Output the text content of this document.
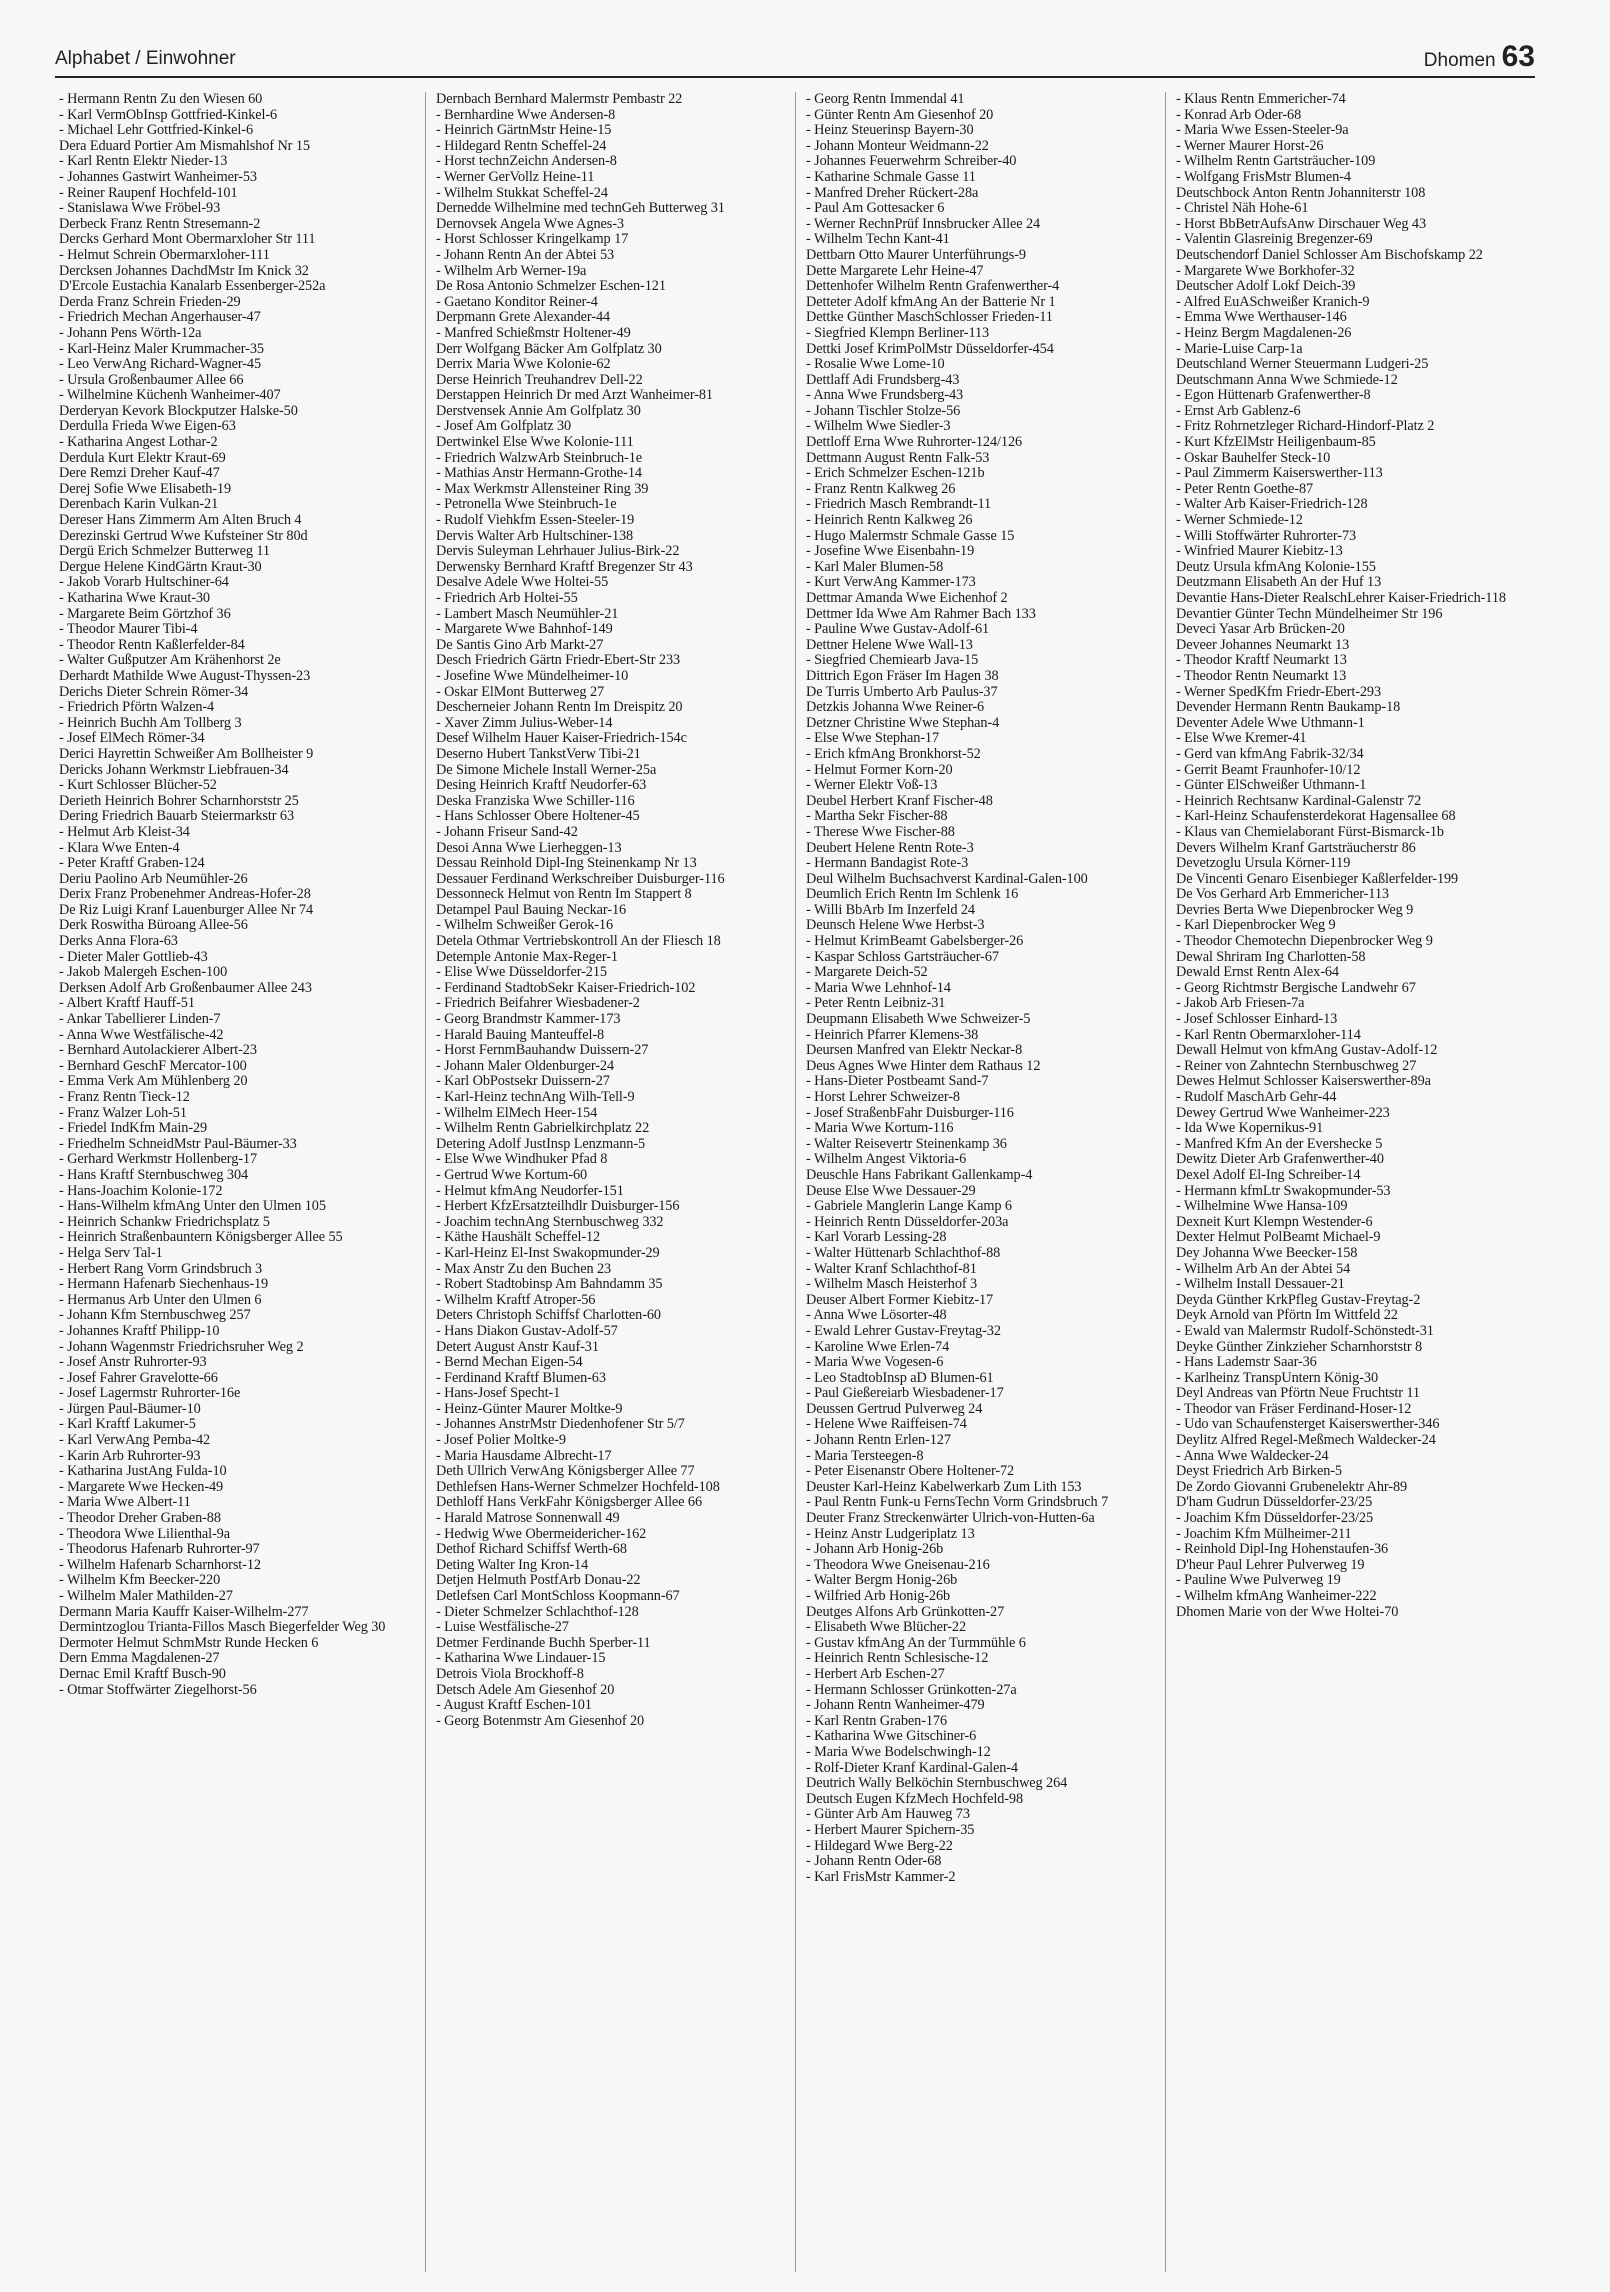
Alphabet / Einwohner	Dhomen 63
- Hermann Rentn Zu den Wiesen 60
- Karl VermObInsp Gottfried-Kinkel-6
- Michael Lehr Gottfried-Kinkel-6
Dera Eduard Portier Am Mismahlshof Nr 15
- Karl Rentn Elektr Nieder-13
- Johannes Gastwirt Wanheimer-53
- Reiner Raupenf Hochfeld-101
- Stanislawa Wwe Fröbel-93
Derbeck Franz Rentn Stresemann-2
Dercks Gerhard Mont Obermarxloher Str 111
- Helmut Schrein Obermarxloher-111
Dercksen Johannes DachdMstr Im Knick 32
D'Ercole Eustachia Kanalarb Essenberger-252a
Derda Franz Schrein Frieden-29
- Friedrich Mechan Angerhauser-47
- Johann Pens Wörth-12a
- Karl-Heinz Maler Krummacher-35
- Leo VerwAng Richard-Wagner-45
- Ursula Großenbaumer Allee 66
- Wilhelmine Küchenh Wanheimer-407
Derderyan Kevork Blockputzer Halske-50
Derdulla Frieda Wwe Eigen-63
- Katharina Angest Lothar-2
Derdula Kurt Elektr Kraut-69
Dere Remzi Dreher Kauf-47
Derej Sofie Wwe Elisabeth-19
Derenbach Karin Vulkan-21
Dereser Hans Zimmerm Am Alten Bruch 4
Derezinski Gertrud Wwe Kufsteiner Str 80d
Dergü Erich Schmelzer Butterweg 11
Dergue Helene KindGärtn Kraut-30
- Jakob Vorarb Hultschiner-64
- Katharina Wwe Kraut-30
- Margarete Beim Görtzhof 36
- Theodor Maurer Tibi-4
- Theodor Rentn Kaßlerfelder-84
- Walter Gußputzer Am Krähenhorst 2e
Derhardt Mathilde Wwe August-Thyssen-23
Derichs Dieter Schrein Römer-34
- Friedrich Pförtn Walzen-4
- Heinrich Buchh Am Tollberg 3
- Josef ElMech Römer-34
Derici Hayrettin Schweißer Am Bollheister 9
Dericks Johann Werkmstr Liebfrauen-34
- Kurt Schlosser Blücher-52
Derieth Heinrich Bohrer Scharnhorststr 25
Dering Friedrich Bauarb Steiermarkstr 63
- Helmut Arb Kleist-34
- Klara Wwe Enten-4
- Peter Kraftf Graben-124
Deriu Paolino Arb Neumühler-26
Derix Franz Probenehmer Andreas-Hofer-28
De Riz Luigi Kranf Lauenburger Allee Nr 74
Derk Roswitha Büroang Allee-56
Derks Anna Flora-63
- Dieter Maler Gottlieb-43
- Jakob Malergeh Eschen-100
Derksen Adolf Arb Großenbaumer Allee 243
- Albert Kraftf Hauff-51
- Ankar Tabellierer Linden-7
- Anna Wwe Westfälische-42
- Bernhard Autolackierer Albert-23
- Bernhard GeschF Mercator-100
- Emma Verk Am Mühlenberg 20
- Franz Rentn Tieck-12
- Franz Walzer Loh-51
- Friedel IndKfm Main-29
- Friedhelm SchneidMstr Paul-Bäumer-33
- Gerhard Werkmstr Hollenberg-17
- Hans Kraftf Sternbuschweg 304
- Hans-Joachim Kolonie-172
- Hans-Wilhelm kfmAng Unter den Ulmen 105
- Heinrich Schankw Friedrichsplatz 5
- Heinrich Straßenbauntern Königsberger Allee 55
- Helga Serv Tal-1
- Herbert Rang Vorm Grindsbruch 3
- Hermann Hafenarb Siechenhaus-19
- Hermanus Arb Unter den Ulmen 6
- Johann Kfm Sternbuschweg 257
- Johannes Kraftf Philipp-10
- Johann Wagenmstr Friedrichsruher Weg 2
- Josef Anstr Ruhrorter-93
- Josef Fahrer Gravelotte-66
- Josef Lagermstr Ruhrorter-16e
- Jürgen Paul-Bäumer-10
- Karl Kraftf Lakumer-5
- Karl VerwAng Pemba-42
- Karin Arb Ruhrorter-93
- Katharina JustAng Fulda-10
- Margarete Wwe Hecken-49
- Maria Wwe Albert-11
- Theodor Dreher Graben-88
- Theodora Wwe Lilienthal-9a
- Theodorus Hafenarb Ruhrorter-97
- Wilhelm Hafenarb Scharnhorst-12
- Wilhelm Kfm Beecker-220
- Wilhelm Maler Mathilden-27
Dermann Maria Kauffr Kaiser-Wilhelm-277
Dermintzoglou Trianta-Fillos Masch Biegerfelder Weg 30
Dermoter Helmut SchmMstr Runde Hecken 6
Dern Emma Magdalenen-27
Dernac Emil Kraftf Busch-90
- Otmar Stoffwärter Ziegelhorst-56
Dernbach Bernhard Malermstr Pembastr 22
- Bernhardine Wwe Andersen-8
- Heinrich GärtnMstr Heine-15
- Hildegard Rentn Scheffel-24
- Horst technZeichn Andersen-8
- Werner GerVollz Heine-11
- Wilhelm Stukkat Scheffel-24
Dernedde Wilhelmine med technGeh Butterweg 31
Dernovsek Angela Wwe Agnes-3
- Horst Schlosser Kringelkamp 17
- Johann Rentn An der Abtei 53
- Wilhelm Arb Werner-19a
De Rosa Antonio Schmelzer Eschen-121
- Gaetano Konditor Reiner-4
Derpmann Grete Alexander-44
- Manfred Schießmstr Holtener-49
Derr Wolfgang Bäcker Am Golfplatz 30
Derrix Maria Wwe Kolonie-62
Derse Heinrich Treuhandrev Dell-22
Derstappen Heinrich Dr med Arzt Wanheimer-81
Derstvensek Annie Am Golfplatz 30
- Josef Am Golfplatz 30
Dertwinkel Else Wwe Kolonie-111
- Friedrich WalzwArb Steinbruch-1e
- Mathias Anstr Hermann-Grothe-14
- Max Werkmstr Allensteiner Ring 39
- Petronella Wwe Steinbruch-1e
- Rudolf Viehkfm Essen-Steeler-19
Dervis Walter Arb Hultschiner-138
Dervis Suleyman Lehrhauer Julius-Birk-22
Derwensky Bernhard Kraftf Bregenzer Str 43
Desalve Adele Wwe Holtei-55
- Friedrich Arb Holtei-55
- Lambert Masch Neumühler-21
- Margarete Wwe Bahnhof-149
De Santis Gino Arb Markt-27
Desch Friedrich Gärtn Friedr-Ebert-Str 233
- Josefine Wwe Mündelheimer-10
- Oskar ElMont Butterweg 27
Descherneier Johann Rentn Im Dreispitz 20
- Xaver Zimm Julius-Weber-14
Desef Wilhelm Hauer Kaiser-Friedrich-154c
Deserno Hubert TankstVerw Tibi-21
De Simone Michele Install Werner-25a
Desing Heinrich Kraftf Neudorfer-63
Deska Franziska Wwe Schiller-116
- Hans Schlosser Obere Holtener-45
- Johann Friseur Sand-42
Desoi Anna Wwe Lierheggen-13
Dessau Reinhold Dipl-Ing Steinenkamp Nr 13
Dessauer Ferdinand Werkschreiber Duisburger-116
Dessonneck Helmut von Rentn Im Stappert 8
Detampel Paul Bauing Neckar-16
- Wilhelm Schweißer Gerok-16
Detela Othmar Vertriebskontroll An der Fliesch 18
Detemple Antonie Max-Reger-1
- Elise Wwe Düsseldorfer-215
- Ferdinand StadtobSekr Kaiser-Friedrich-102
- Friedrich Beifahrer Wiesbadener-2
- Georg Brandmstr Kammer-173
- Harald Bauing Manteuffel-8
- Horst FernmBauhandw Duissern-27
- Johann Maler Oldenburger-24
- Karl ObPostsekr Duissern-27
- Karl-Heinz technAng Wilh-Tell-9
- Wilhelm ElMech Heer-154
- Wilhelm Rentn Gabrielkirchplatz 22
Detering Adolf JustInsp Lenzmann-5
- Else Wwe Windhuker Pfad 8
- Gertrud Wwe Kortum-60
- Helmut kfmAng Neudorfer-151
- Herbert KfzErsatzteilhdlr Duisburger-156
- Joachim technAng Sternbuschweg 332
- Käthe Haushält Scheffel-12
- Karl-Heinz El-Inst Swakopmunder-29
- Max Anstr Zu den Buchen 23
- Robert Stadtobinsp Am Bahndamm 35
- Wilhelm Kraftf Atroper-56
Deters Christoph Schiffsf Charlotten-60
- Hans Diakon Gustav-Adolf-57
Detert August Anstr Kauf-31
- Bernd Mechan Eigen-54
- Ferdinand Kraftf Blumen-63
- Hans-Josef Specht-1
- Heinz-Günter Maurer Moltke-9
- Johannes AnstrMstr Diedenhofener Str 5/7
- Josef Polier Moltke-9
- Maria Hausdame Albrecht-17
Deth Ullrich VerwAng Königsberger Allee 77
Dethlefsen Hans-Werner Schmelzer Hochfeld-108
Dethloff Hans VerkFahr Königsberger Allee 66
- Harald Matrose Sonnenwall 49
- Hedwig Wwe Obermeidericher-162
Dethof Richard Schiffsf Werth-68
Deting Walter Ing Kron-14
Detjen Helmuth PostfArb Donau-22
Detlefsen Carl MontSchloss Koopmann-67
- Dieter Schmelzer Schlachthof-128
- Luise Westfälische-27
Detmer Ferdinande Buchh Sperber-11
- Katharina Wwe Lindauer-15
Detrois Viola Brockhoff-8
Detsch Adele Am Giesenhof 20
- August Kraftf Eschen-101
- Georg Botenmstr Am Giesenhof 20
- Georg Rentn Immendal 41
- Günter Rentn Am Giesenhof 20
- Heinz Steuerinsp Bayern-30
- Johann Monteur Weidmann-22
- Johannes Feuerwehrm Schreiber-40
- Katharine Schmale Gasse 11
- Manfred Dreher Rückert-28a
- Paul Am Gottesacker 6
- Werner RechnPrüf Innsbrucker Allee 24
- Wilhelm Techn Kant-41
Dettbarn Otto Maurer Unterführungs-9
Dette Margarete Lehr Heine-47
Dettenhofer Wilhelm Rentn Grafenwerther-4
Detteter Adolf kfmAng An der Batterie Nr 1
Dettke Günther MaschSchlosser Frieden-11
- Siegfried Klempn Berliner-113
Dettki Josef KrimPolMstr Düsseldorfer-454
- Rosalie Wwe Lome-10
Dettlaff Adi Frundsberg-43
- Anna Wwe Frundsberg-43
- Johann Tischler Stolze-56
- Wilhelm Wwe Siedler-3
Dettloff Erna Wwe Ruhrorter-124/126
Dettmann August Rentn Falk-53
- Erich Schmelzer Eschen-121b
- Franz Rentn Kalkweg 26
- Friedrich Masch Rembrandt-11
- Heinrich Rentn Kalkweg 26
- Hugo Malermstr Schmale Gasse 15
- Josefine Wwe Eisenbahn-19
- Karl Maler Blumen-58
- Kurt VerwAng Kammer-173
Dettmar Amanda Wwe Eichenhof 2
Dettmer Ida Wwe Am Rahmer Bach 133
- Pauline Wwe Gustav-Adolf-61
Dettner Helene Wwe Wall-13
- Siegfried Chemiearb Java-15
Dittrich Egon Fräser Im Hagen 38
De Turris Umberto Arb Paulus-37
Detzkis Johanna Wwe Reiner-6
Detzner Christine Wwe Stephan-4
- Else Wwe Stephan-17
- Erich kfmAng Bronkhorst-52
- Helmut Former Korn-20
- Werner Elektr Voß-13
Deubel Herbert Kranf Fischer-48
- Martha Sekr Fischer-88
- Therese Wwe Fischer-88
Deubert Helene Rentn Rote-3
- Hermann Bandagist Rote-3
Deul Wilhelm Buchsachverst Kardinal-Galen-100
Deumlich Erich Rentn Im Schlenk 16
- Willi BbArb Im Inzerfeld 24
Deunsch Helene Wwe Herbst-3
- Helmut KrimBeamt Gabelsberger-26
- Kaspar Schloss Gartsträucher-67
- Margarete Deich-52
- Maria Wwe Lehnhof-14
- Peter Rentn Leibniz-31
Deupmann Elisabeth Wwe Schweizer-5
- Heinrich Pfarrer Klemens-38
Deursen Manfred van Elektr Neckar-8
Deus Agnes Wwe Hinter dem Rathaus 12
- Hans-Dieter Postbeamt Sand-7
- Horst Lehrer Schweizer-8
- Josef StraßenbFahr Duisburger-116
- Maria Wwe Kortum-116
- Walter Reisevertr Steinenkamp 36
- Wilhelm Angest Viktoria-6
Deuschle Hans Fabrikant Gallenkamp-4
Deuse Else Wwe Dessauer-29
- Gabriele Manglerin Lange Kamp 6
- Heinrich Rentn Düsseldorfer-203a
- Karl Vorarb Lessing-28
- Walter Hüttenarb Schlachthof-88
- Walter Kranf Schlachthof-81
- Wilhelm Masch Heisterhof 3
Deuser Albert Former Kiebitz-17
- Anna Wwe Lösorter-48
- Ewald Lehrer Gustav-Freytag-32
- Karoline Wwe Erlen-74
- Maria Wwe Vogesen-6
- Leo StadtobInsp aD Blumen-61
- Paul Gießereiarb Wiesbadener-17
Deussen Gertrud Pulverweg 24
- Helene Wwe Raiffeisen-74
- Johann Rentn Erlen-127
- Maria Tersteegen-8
- Peter Eisenanstr Obere Holtener-72
Deuster Karl-Heinz Kabelwerkarb Zum Lith 153
- Paul Rentn Funk-u FernsTechn Vorm Grindsbruch 7
Deuter Franz Streckenwärter Ulrich-von-Hutten-6a
- Heinz Anstr Ludgeriplatz 13
- Johann Arb Honig-26b
- Theodora Wwe Gneisenau-216
- Walter Bergm Honig-26b
- Wilfried Arb Honig-26b
Deutges Alfons Arb Grünkotten-27
- Elisabeth Wwe Blücher-22
- Gustav kfmAng An der Turmmühle 6
- Heinrich Rentn Schlesische-12
- Herbert Arb Eschen-27
- Hermann Schlosser Grünkotten-27a
- Johann Rentn Wanheimer-479
- Karl Rentn Graben-176
- Katharina Wwe Gitschiner-6
- Maria Wwe Bodelschwingh-12
- Rolf-Dieter Kranf Kardinal-Galen-4
Deutrich Wally Belköchin Sternbuschweg 264
Deutsch Eugen KfzMech Hochfeld-98
- Günter Arb Am Hauweg 73
- Herbert Maurer Spichern-35
- Hildegard Wwe Berg-22
- Johann Rentn Oder-68
- Karl FrisMstr Kammer-2
- Klaus Rentn Emmericher-74
- Konrad Arb Oder-68
- Maria Wwe Essen-Steeler-9a
- Werner Maurer Horst-26
- Wilhelm Rentn Gartsträucher-109
- Wolfgang FrisMstr Blumen-4
Deutschbock Anton Rentn Johanniterstr 108
- Christel Näh Hohe-61
- Horst BbBetrAufsAnw Dirschauer Weg 43
- Valentin Glasreinig Bregenzer-69
Deutschendorf Daniel Schlosser Am Bischofskamp 22
- Margarete Wwe Borkhofer-32
Deutscher Adolf Lokf Deich-39
- Alfred EuASchweißer Kranich-9
- Emma Wwe Werthauser-146
- Heinz Bergm Magdalenen-26
- Marie-Luise Carp-1a
Deutschland Werner Steuermann Ludgeri-25
Deutschmann Anna Wwe Schmiede-12
- Egon Hüttenarb Grafenwerther-8
- Ernst Arb Gablenz-6
- Fritz Rohrnetzleger Richard-Hindorf-Platz 2
- Kurt KfzElMstr Heiligenbaum-85
- Oskar Bauhelfer Steck-10
- Paul Zimmerm Kaiserswerther-113
- Peter Rentn Goethe-87
- Walter Arb Kaiser-Friedrich-128
- Werner Schmiede-12
- Willi Stoffwärter Ruhrorter-73
- Winfried Maurer Kiebitz-13
Deutz Ursula kfmAng Kolonie-155
Deutzmann Elisabeth An der Huf 13
Devantie Hans-Dieter RealschLehrer Kaiser-Friedrich-118
Devantier Günter Techn Mündelheimer Str 196
Deveci Yasar Arb Brücken-20
Deveer Johannes Neumarkt 13
- Theodor Kraftf Neumarkt 13
- Theodor Rentn Neumarkt 13
- Werner SpedKfm Friedr-Ebert-293
Devender Hermann Rentn Baukamp-18
Deventer Adele Wwe Uthmann-1
- Else Wwe Kremer-41
- Gerd van kfmAng Fabrik-32/34
- Gerrit Beamt Fraunhofer-10/12
- Günter ElSchweißer Uthmann-1
- Heinrich Rechtsanw Kardinal-Galenstr 72
- Karl-Heinz Schaufensterdekorat Hagensallee 68
- Klaus van Chemielaborant Fürst-Bismarck-1b
Devers Wilhelm Kranf Gartsträucherstr 86
Devetzoglu Ursula Körner-119
De Vincenti Genaro Eisenbieger Kaßlerfelder-199
De Vos Gerhard Arb Emmericher-113
Devries Berta Wwe Diepenbrocker Weg 9
- Karl Diepenbrocker Weg 9
- Theodor Chemotechn Diepenbrocker Weg 9
Dewal Shriram Ing Charlotten-58
Dewald Ernst Rentn Alex-64
- Georg Richtmstr Bergische Landwehr 67
- Jakob Arb Friesen-7a
- Josef Schlosser Einhard-13
- Karl Rentn Obermarxloher-114
Dewall Helmut von kfmAng Gustav-Adolf-12
- Reiner von Zahntechn Sternbuschweg 27
Dewes Helmut Schlosser Kaiserswerther-89a
- Rudolf MaschArb Gehr-44
Dewey Gertrud Wwe Wanheimer-223
- Ida Wwe Kopernikus-91
- Manfred Kfm An der Evershecke 5
Dewitz Dieter Arb Grafenwerther-40
Dexel Adolf El-Ing Schreiber-14
- Hermann kfmLtr Swakopmunder-53
- Wilhelmine Wwe Hansa-109
Dexneit Kurt Klempn Westender-6
Dexter Helmut PolBeamt Michael-9
Dey Johanna Wwe Beecker-158
- Wilhelm Arb An der Abtei 54
- Wilhelm Install Dessauer-21
Deyda Günther KrkPfleg Gustav-Freytag-2
Deyk Arnold van Pförtn Im Wittfeld 22
- Ewald van Malermstr Rudolf-Schönstedt-31
Deyke Günther Zinkzieher Scharnhorststr 8
- Hans Lademstr Saar-36
- Karlheinz TranspUntern König-30
Deyl Andreas van Pförtn Neue Fruchtstr 11
- Theodor van Fräser Ferdinand-Hoser-12
- Udo van Schaufensterget Kaiserswerther-346
Deylitz Alfred Regel-Meßmech Waldecker-24
- Anna Wwe Waldecker-24
Deyst Friedrich Arb Birken-5
De Zordo Giovanni Grubenelektr Ahr-89
D'ham Gudrun Düsseldorfer-23/25
- Joachim Kfm Düsseldorfer-23/25
- Joachim Kfm Mülheimer-211
- Reinhold Dipl-Ing Hohenstaufen-36
D'heur Paul Lehrer Pulverweg 19
- Pauline Wwe Pulverweg 19
- Wilhelm kfmAng Wanheimer-222
Dhomen Marie von der Wwe Holtei-70
